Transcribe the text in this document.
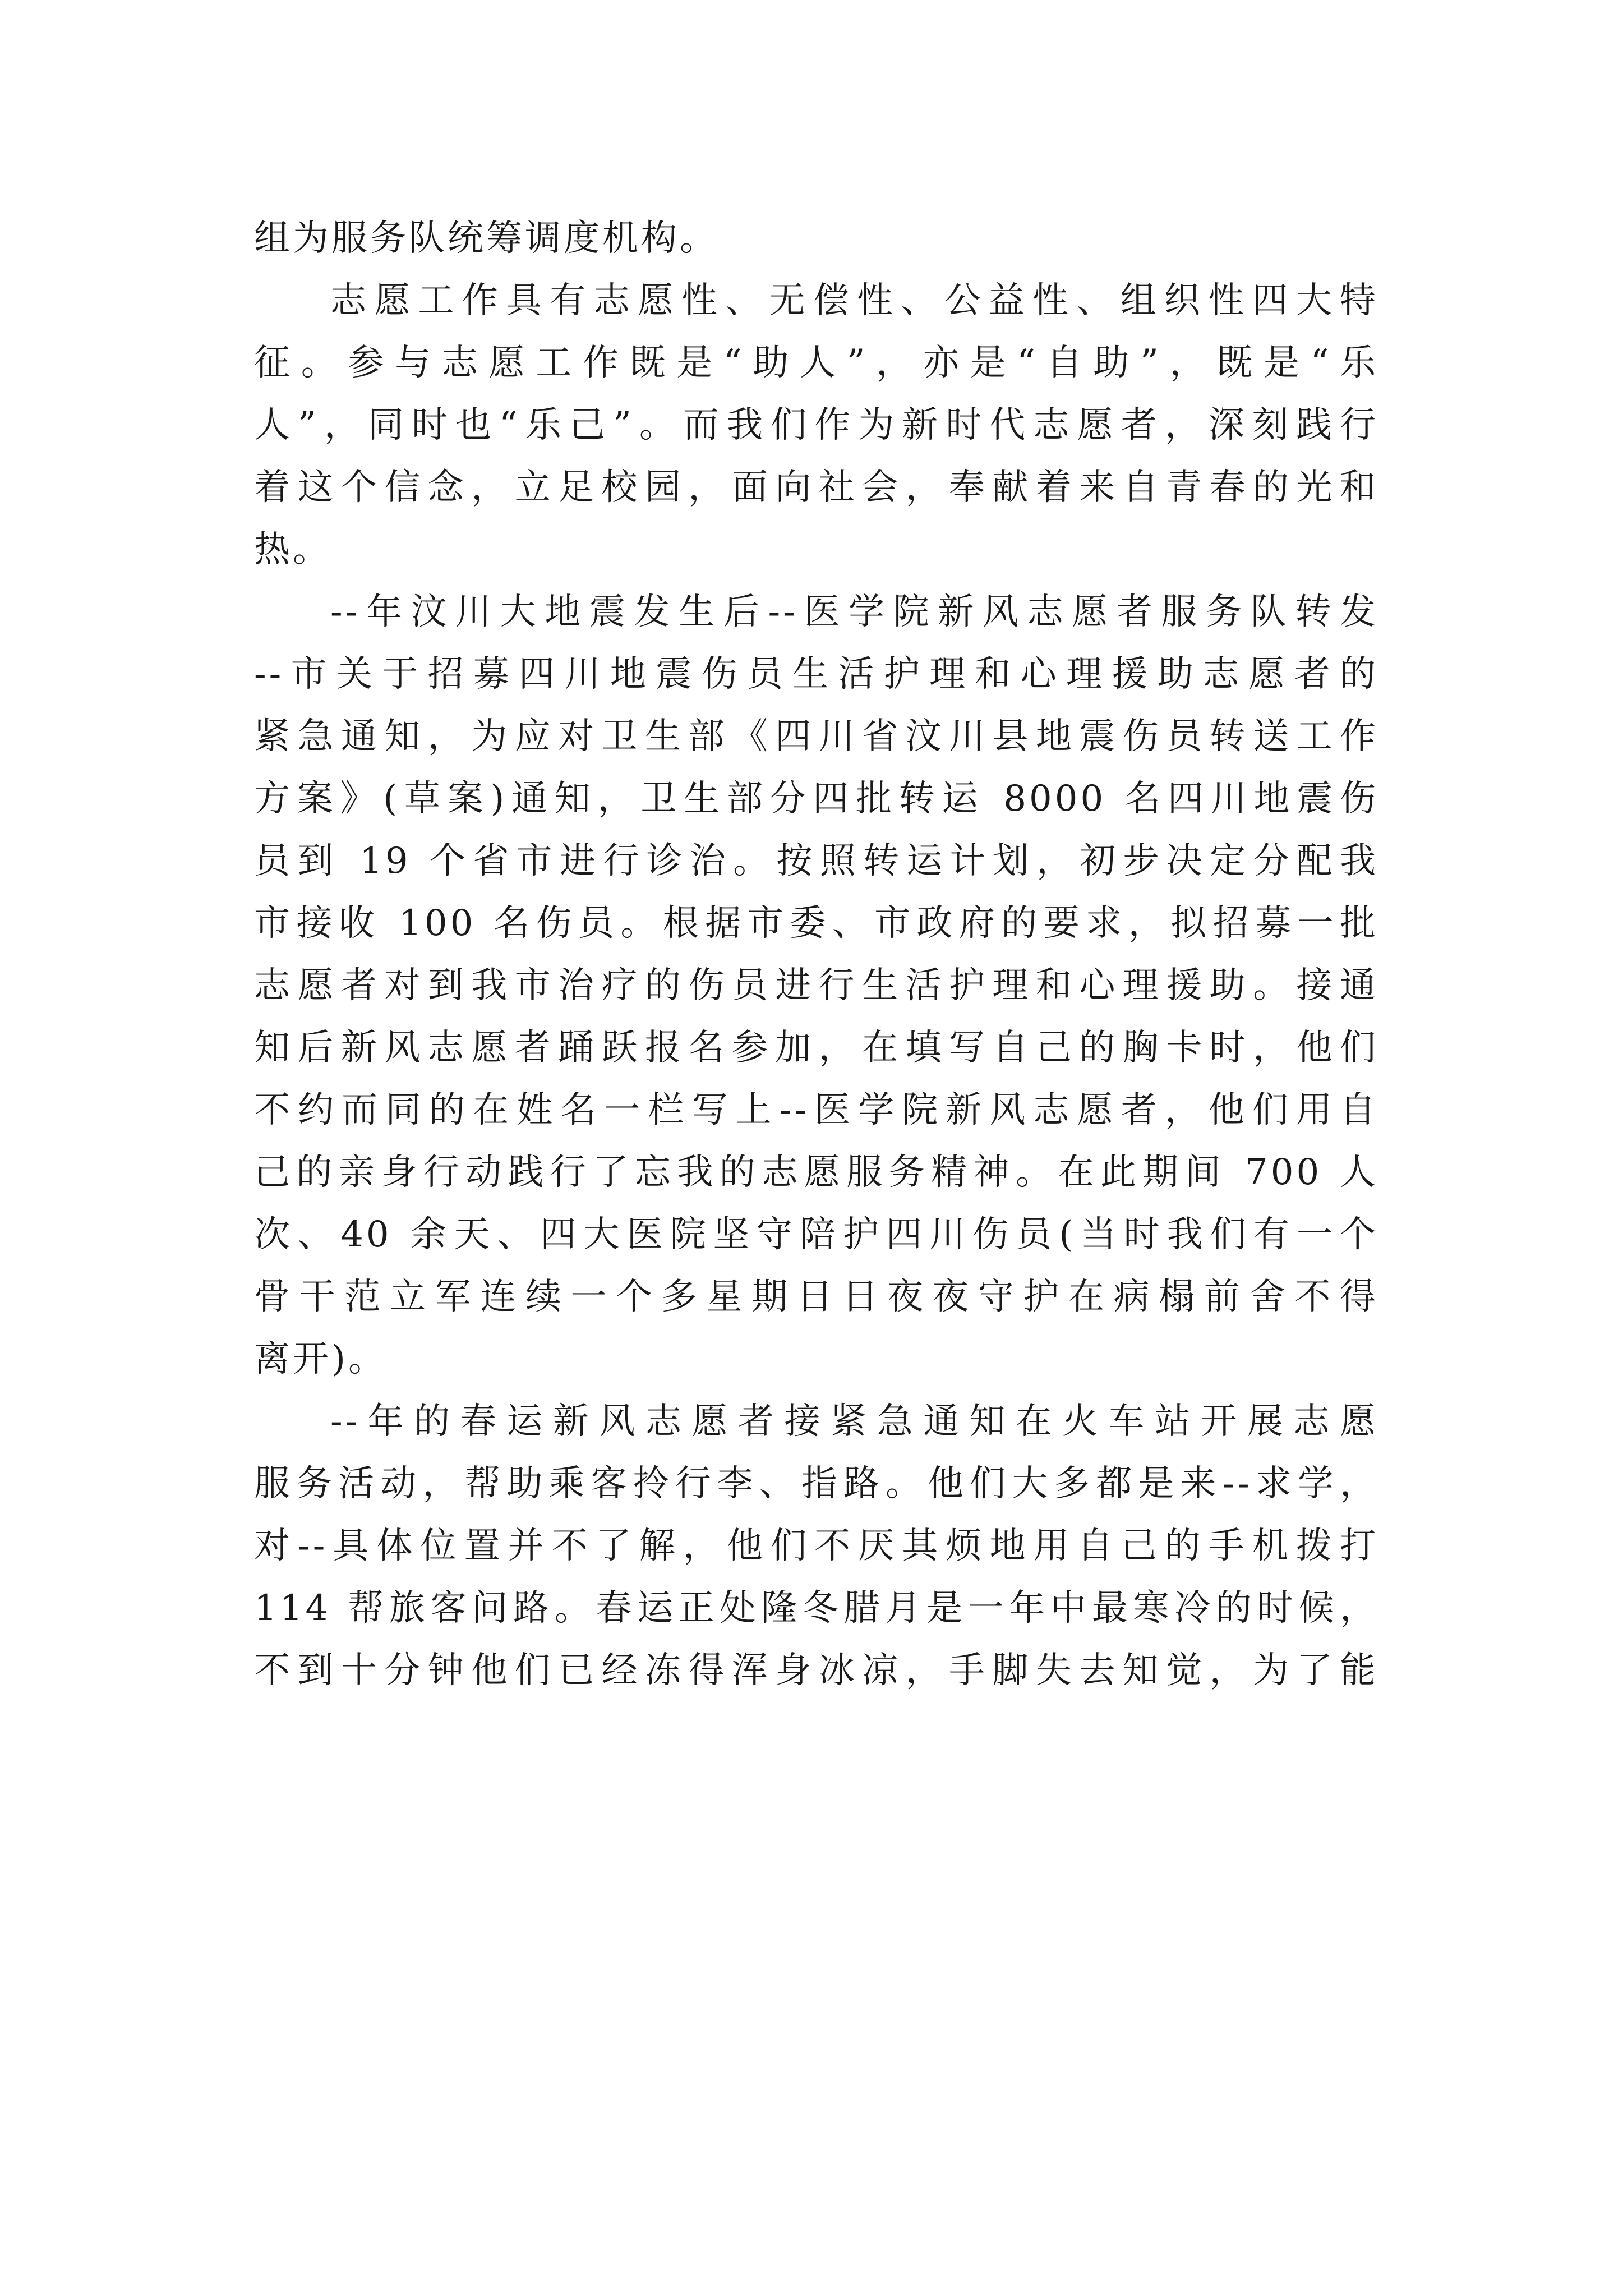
组为服务队统筹调度机构。
志愿工作具有志愿性、无偿性、公益性、组织性四大特
征。参与志愿工作既是“助人”，亦是“自助”，既是“乐
人”，同时也“乐己”。而我们作为新时代志愿者，深刻践行
着这个信念，立足校园，面向社会，奉献着来自青春的光和
热。
--年汶川大地震发生后--医学院新风志愿者服务队转发
--市关于招募四川地震伤员生活护理和心理援助志愿者的
紧急通知，为应对卫生部《四川省汶川县地震伤员转送工作
方案》(草案)通知，卫生部分四批转运 8000 名四川地震伤
员到 19 个省市进行诊治。按照转运计划，初步决定分配我
市接收 100 名伤员。根据市委、市政府的要求，拟招募一批
志愿者对到我市治疗的伤员进行生活护理和心理援助。接通
知后新风志愿者踊跃报名参加，在填写自己的胸卡时，他们
不约而同的在姓名一栏写上--医学院新风志愿者，他们用自
己的亲身行动践行了忘我的志愿服务精神。在此期间 700 人
次、40 余天、四大医院坚守陪护四川伤员(当时我们有一个
骨干范立军连续一个多星期日日夜夜守护在病榻前舍不得
离开)。
--年的春运新风志愿者接紧急通知在火车站开展志愿
服务活动，帮助乘客拎行李、指路。他们大多都是来--求学，
对--具体位置并不了解，他们不厌其烦地用自己的手机拨打
114 帮旅客问路。春运正处隆冬腊月是一年中最寒冷的时候，
不到十分钟他们已经冻得浑身冰凉，手脚失去知觉，为了能
